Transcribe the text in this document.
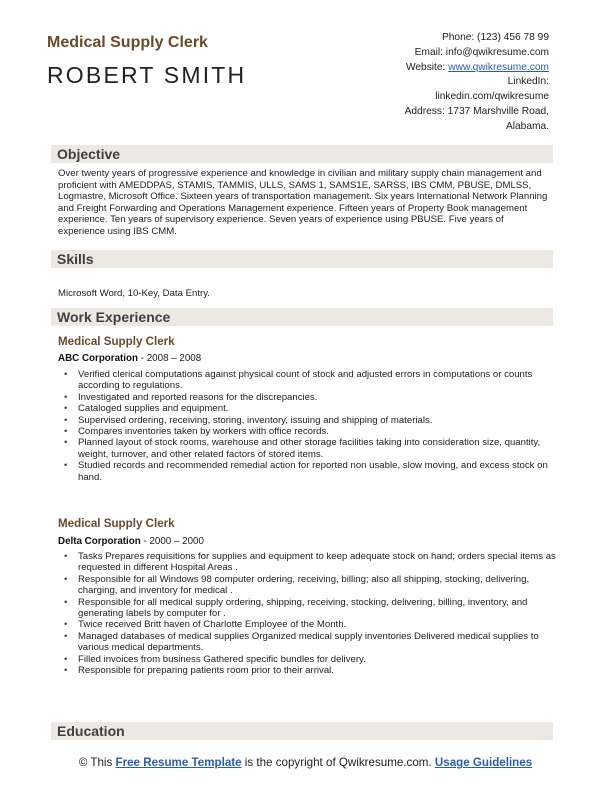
Medical Supply Clerk
ROBERT SMITH
Phone: (123) 456 78 99
Email: info@qwikresume.com
Website: www.qwikresume.com
LinkedIn:
linkedin.com/qwikresume
Address: 1737 Marshville Road,
Alabama.
Objective
Over twenty years of progressive experience and knowledge in civilian and military supply chain management and proficient with AMEDDPAS, STAMIS, TAMMIS, ULLS, SAMS 1, SAMS1E, SARSS, IBS CMM, PBUSE, DMLSS, Logmastre, Microsoft Office. Sixteen years of transportation management. Six years International Network Planning and Freight Forwarding and Operations Management experience. Fifteen years of Property Book management experience. Ten years of supervisory experience. Seven years of experience using PBUSE. Five years of experience using IBS CMM.
Skills
Microsoft Word, 10-Key, Data Entry.
Work Experience
Medical Supply Clerk
ABC Corporation - 2008 – 2008
• Verified clerical computations against physical count of stock and adjusted errors in computations or counts according to regulations.
• Investigated and reported reasons for the discrepancies.
• Cataloged supplies and equipment.
• Supervised ordering, receiving, storing, inventory, issuing and shipping of materials.
• Compares inventories taken by workers with office records.
• Planned layout of stock rooms, warehouse and other storage facilities taking into consideration size, quantity, weight, turnover, and other related factors of stored items.
• Studied records and recommended remedial action for reported non usable, slow moving, and excess stock on hand.
Medical Supply Clerk
Delta Corporation - 2000 – 2000
• Tasks Prepares requisitions for supplies and equipment to keep adequate stock on hand; orders special items as requested in different Hospital Areas .
• Responsible for all Windows 98 computer ordering, receiving, billing; also all shipping, stocking, delivering, charging, and inventory for medical .
• Responsible for all medical supply ordering, shipping, receiving, stocking, delivering, billing, inventory, and generating labels by computer for .
• Twice received Britt haven of Charlotte Employee of the Month.
• Managed databases of medical supplies Organized medical supply inventories Delivered medical supplies to various medical departments.
• Filled invoices from business Gathered specific bundles for delivery.
• Responsible for preparing patients room prior to their arrival.
Education
© This Free Resume Template is the copyright of Qwikresume.com. Usage Guidelines
